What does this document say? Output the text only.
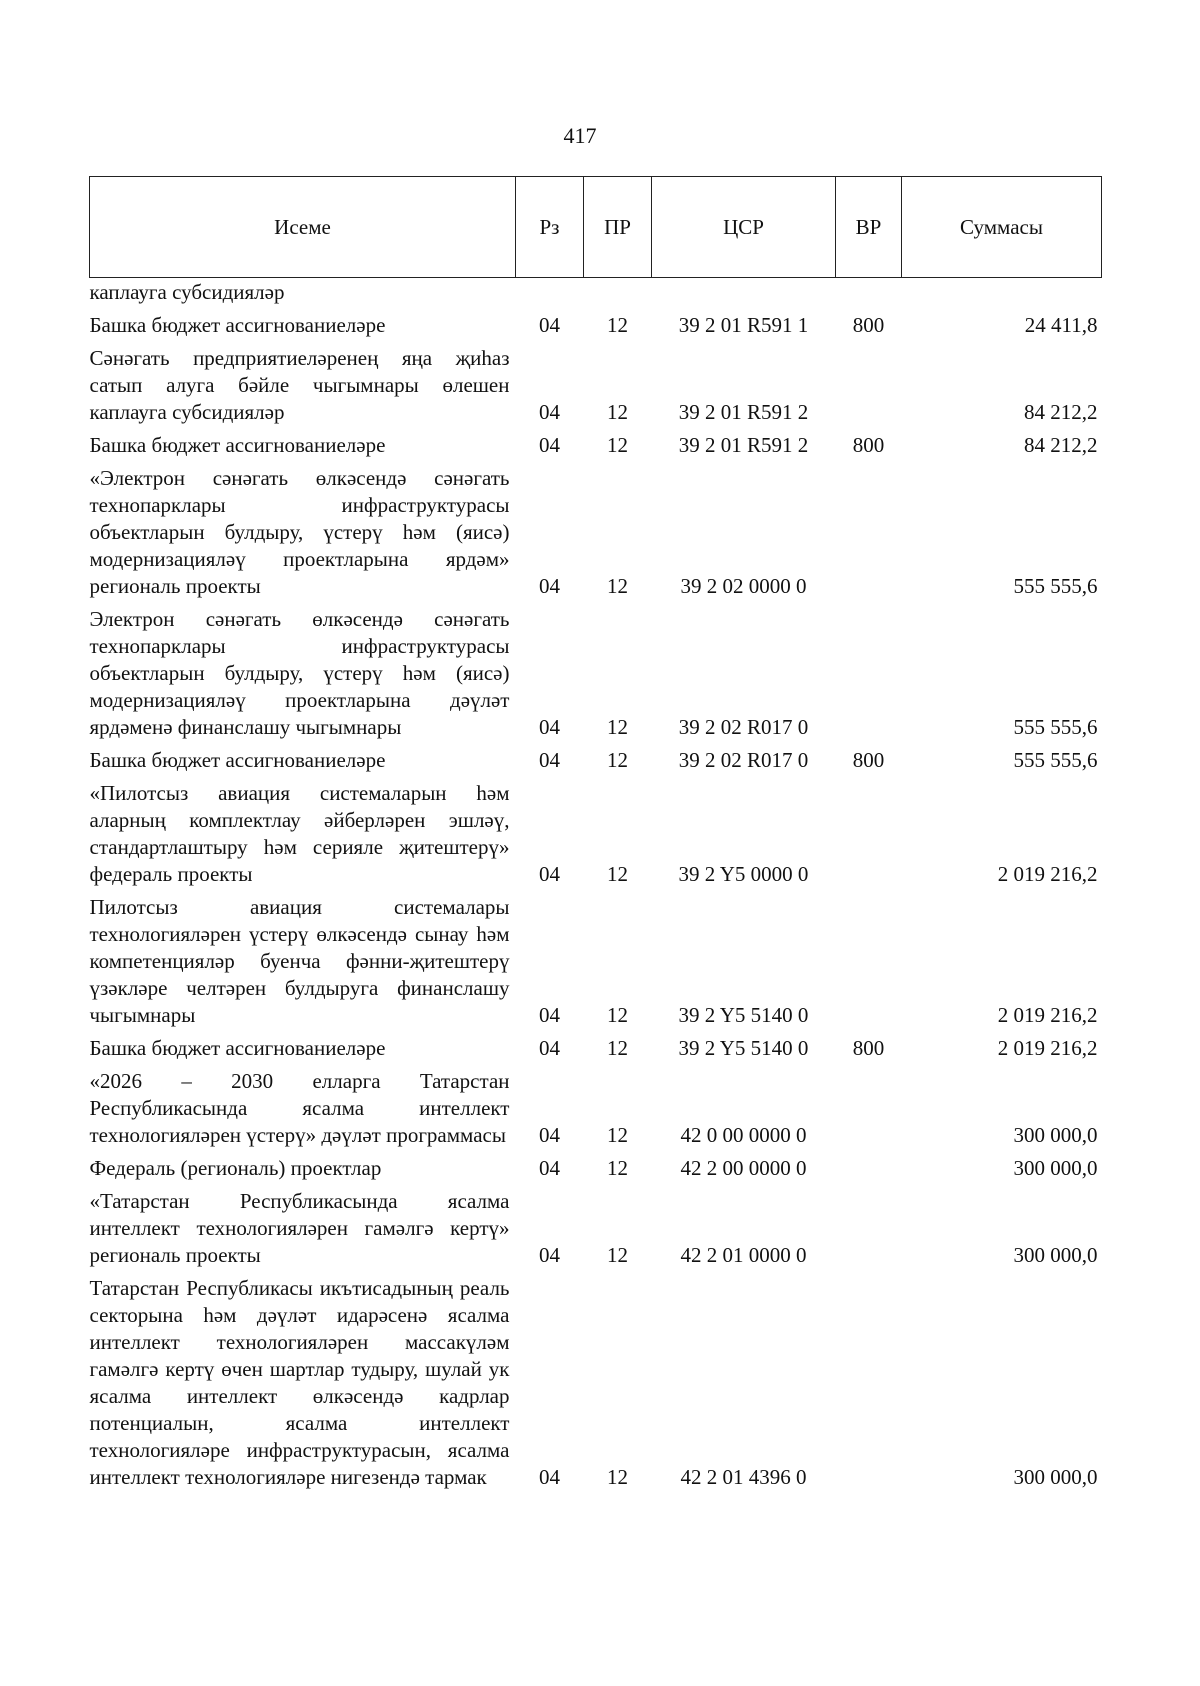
417
Исеме	Рз	ПР	ЦСР	ВР	Суммасы
каплауга субсидияләр					
Башка бюджет ассигнованиеләре	04	12	39 2 01 R591 1	800	24 411,8
Сәнәгать предприятиеләренең яңа җиһаз сатып алуга бәйле чыгымнары өлешен каплауга субсидияләр	04	12	39 2 01 R591 2		84 212,2
Башка бюджет ассигнованиеләре	04	12	39 2 01 R591 2	800	84 212,2
«Электрон сәнәгать өлкәсендә сәнәгать технопарклары инфраструктурасы объектларын булдыру, үстерү һәм (яисә) модернизацияләү проектларына ярдәм» региональ проекты	04	12	39 2 02 0000 0		555 555,6
Электрон сәнәгать өлкәсендә сәнәгать технопарклары инфраструктурасы объектларын булдыру, үстерү һәм (яисә) модернизацияләү проектларына дәүләт ярдәменә финанслашу чыгымнары	04	12	39 2 02 R017 0		555 555,6
Башка бюджет ассигнованиеләре	04	12	39 2 02 R017 0	800	555 555,6
«Пилотсыз авиация системаларын һәм аларның комплектлау әйберләрен эшләү, стандартлаштыру һәм серияле җитештерү» федераль проекты	04	12	39 2 Y5 0000 0		2 019 216,2
Пилотсыз авиация системалары технологияләрен үстерү өлкәсендә сынау һәм компетенцияләр буенча фәнни-җитештерү үзәкләре челтәрен булдыруга финанслашу чыгымнары	04	12	39 2 Y5 5140 0		2 019 216,2
Башка бюджет ассигнованиеләре	04	12	39 2 Y5 5140 0	800	2 019 216,2
«2026 – 2030 елларга Татарстан Республикасында ясалма интеллект технологияләрен үстерү» дәүләт программасы	04	12	42 0 00 0000 0		300 000,0
Федераль (региональ) проектлар	04	12	42 2 00 0000 0		300 000,0
«Татарстан Республикасында ясалма интеллект технологияләрен гамәлгә кертү» региональ проекты	04	12	42 2 01 0000 0		300 000,0
Татарстан Республикасы икътисадының реаль секторына һәм дәүләт идарәсенә ясалма интеллект технологияләрен массакүләм гамәлгә кертү өчен шартлар тудыру, шулай ук ясалма интеллект өлкәсендә кадрлар потенциалын, ясалма интеллект технологияләре инфраструктурасын, ясалма интеллект технологияләре нигезендә тармак	04	12	42 2 01 4396 0		300 000,0
